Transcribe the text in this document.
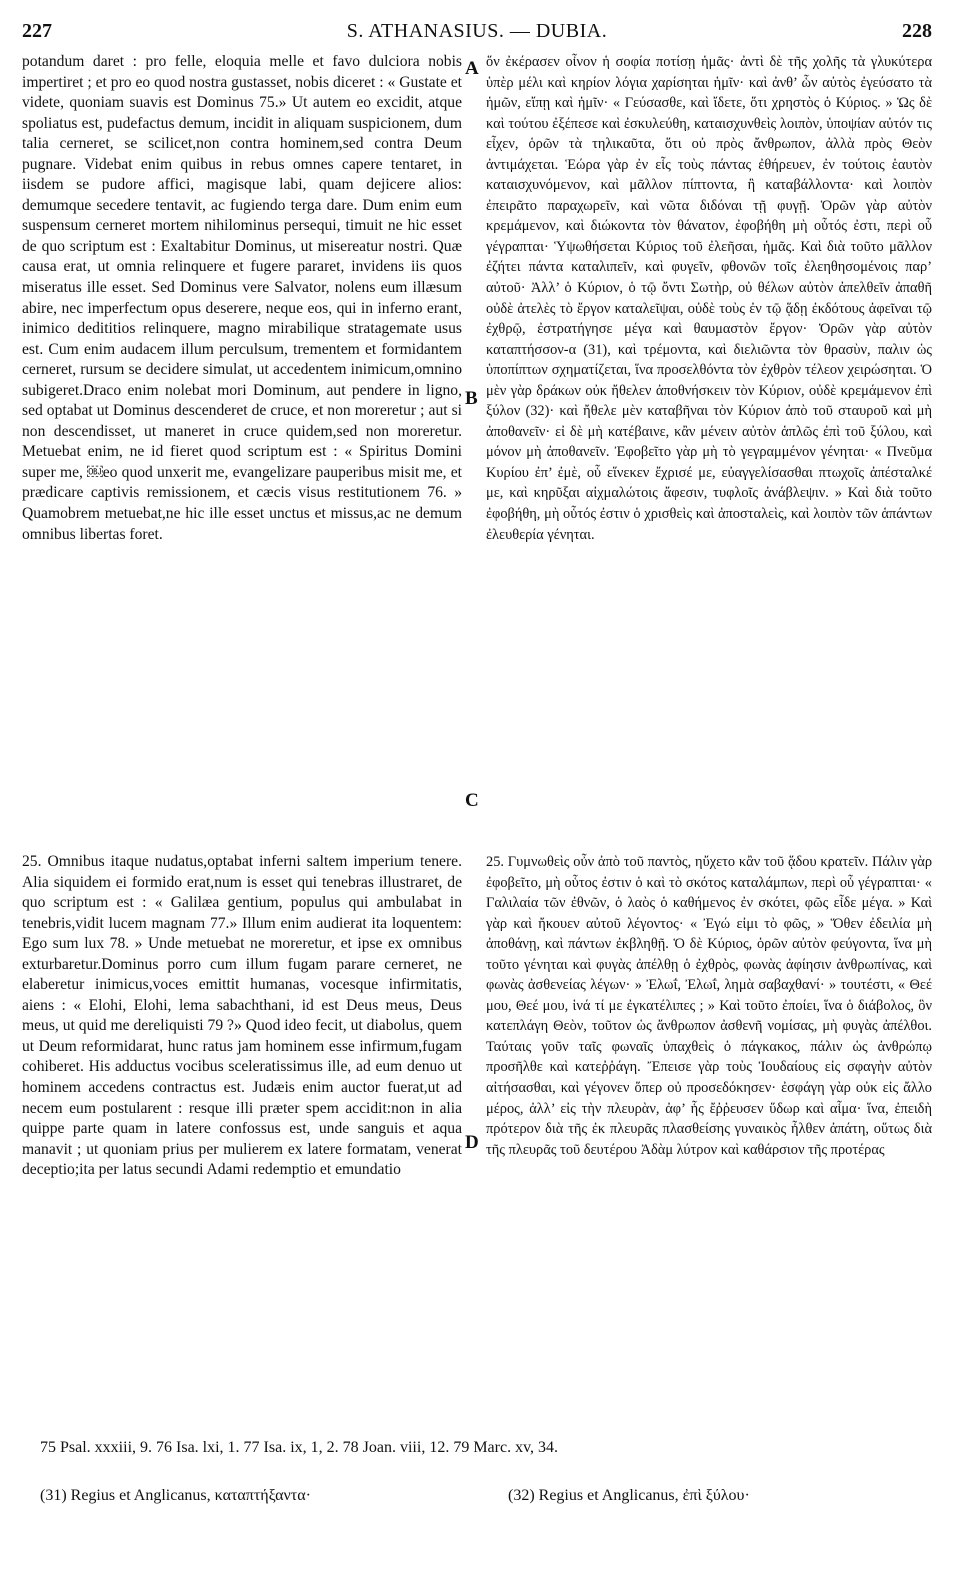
227	S. ATHANASIUS. — DUBIA.	228

potandum daret : pro felle, eloquia melle et favo dulciora nobis impertiret ; et pro eo quod nostra gustasset, nobis diceret : « Gustate et videte, quoniam suavis est Dominus 75.» Ut autem eo excidit, atque spoliatus est, pudefactus demum, incidit in aliquam suspicionem, dum talia cerneret, se scilicet,non contra hominem,sed contra Deum pugnare. Videbat enim quibus in rebus omnes capere tentaret, in iisdem se pudore affici, magisque labi, quam dejicere alios: demumque secedere tentavit, ac fugiendo terga dare. Dum enim eum suspensum cerneret mortem nihilominus persequi, timuit ne hic esset de quo scriptum est : Exaltabitur Dominus, ut misereatur nostri. Quæ causa erat, ut omnia relinquere et fugere pararet, invidens iis quos miseratus ille esset. Sed Dominus vere Salvator, nolens eum illæsum abire, nec imperfectum opus deserere, neque eos, qui in inferno erant, inimico dedititios relinquere, magno mirabilique stratagemate usus est. Cum enim audacem illum perculsum, trementem et formidantem cerneret, rursum se decidere simulat, ut accedentem inimicum,omnino subigeret.Draco enim nolebat mori Dominum, aut pendere in ligno, sed optabat ut Dominus descenderet de cruce, et non moreretur ; aut si non descendisset, ut maneret in cruce quidem,sed non moreretur. Metuebat enim, ne id fieret quod scriptum est : « Spiritus Domini super me, ￼eo quod unxerit me, evangelizare pauperibus misit me, et prædicare captivis remissionem, et cæcis visus restitutionem 76. » Quamobrem metuebat,ne hic ille esset unctus et missus,ac ne demum omnibus libertas foret.

ὅν ἐκέρασεν οἶνον ἡ σοφία ποτίσῃ ἡμᾶς· ἀντὶ δὲ τῆς χολῆς τὰ γλυκύτερα ὑπὲρ μέλι καὶ κηρίον λόγια χαρίσηται ἡμῖν· καὶ ἀνθ’ ὧν αὐτὸς ἐγεύσατο τὰ ἡμῶν, εἴπῃ καὶ ἡμῖν· « Γεύσασθε, καὶ ἴδετε, ὅτι χρηστὸς ὁ Κύριος. » Ὡς δὲ καὶ τούτου ἐξέπεσε καὶ ἐσκυλεύθη, καταισχυνθεὶς λοιπὸν, ὑποψίαν αὐτόν τις εἶχεν, ὁρῶν τὰ τηλικαῦτα, ὅτι οὐ πρὸς ἄνθρωπον, ἀλλὰ πρὸς Θεὸν ἀντιμάχεται. Ἑώρα γὰρ ἐν εἷς τοὺς πάντας ἐθήρευεν, ἐν τούτοις ἑαυτὸν καταισχυνόμενον, καὶ μᾶλλον πίπτοντα, ἢ καταβάλλοντα· καὶ λοιπὸν ἐπειρᾶτο παραχωρεῖν, καὶ νῶτα διδόναι τῇ φυγῇ. Ὁρῶν γὰρ αὐτὸν κρεμάμενον, καὶ διώκοντα τὸν θάνατον, ἐφοβήθη μὴ οὗτός ἐστι, περὶ οὗ γέγραπται· Ὑψωθήσεται Κύριος τοῦ ἐλεῆσαι, ἡμᾶς. Καὶ διὰ τοῦτο μᾶλλον ἐζήτει πάντα καταλιπεῖν, καὶ φυγεῖν, φθονῶν τοῖς ἐλεηθησομένοις παρ’ αὐτοῦ· Ἀλλ’ ὁ Κύριον, ὁ τῷ ὄντι Σωτὴρ, οὐ θέλων αὐτὸν ἀπελθεῖν ἀπαθῆ οὐδὲ ἀτελὲς τὸ ἔργον καταλεῖψαι, οὐδὲ τοὺς ἐν τῷ ᾅδῃ ἐκδότους ἀφεῖναι τῷ ἐχθρῷ, ἐστρατήγησε μέγα καὶ θαυμαστὸν ἔργον· Ὁρῶν γὰρ αὐτὸν καταπτήσσον-α (31), καὶ τρέμοντα, καὶ διελιῶντα τὸν θρασὺν, παλιν ὡς ὑποπίπτων σχηματίζεται, ἵνα προσελθόντα τὸν ἐχθρὸν τέλεον χειρώσηται. Ὁ μὲν γὰρ δράκων οὐκ ἤθελεν ἀποθνήσκειν τὸν Κύριον, οὐδὲ κρεμάμενον ἐπὶ ξύλον (32)· καὶ ἤθελε μὲν καταβῆναι τὸν Κύριον ἀπὸ τοῦ σταυροῦ καὶ μὴ ἀποθανεῖν· εἰ δὲ μὴ κατέβαινε, κἂν μένειν αὐτὸν ἁπλῶς ἐπὶ τοῦ ξύλου, καὶ μόνον μὴ ἀποθανεῖν. Ἐφοβεῖτο γὰρ μὴ τὸ γεγραμμένον γένηται· « Πνεῦμα Κυρίου ἐπ’ ἐμὲ, οὗ εἵνεκεν ἔχρισέ με, εὐαγγελίσασθαι πτωχοῖς ἀπέσταλκέ με, καὶ κηρῦξαι αἰχμαλώτοις ἄφεσιν, τυφλοῖς ἀνάβλεψιν. » Καὶ διὰ τοῦτο ἐφοβήθη, μὴ οὗτός ἐστιν ὁ χρισθεὶς καὶ ἀποσταλεὶς, καὶ λοιπὸν τῶν ἁπάντων ἐλευθερία γένηται.

A
B
C
D

25. Omnibus itaque nudatus,optabat inferni saltem imperium tenere. Alia siquidem ei formido erat,num is esset qui tenebras illustraret, de quo scriptum est : « Galilæa gentium, populus qui ambulabat in tenebris,vidit lucem magnam 77.» Illum enim audierat ita loquentem: Ego sum lux 78. » Unde metuebat ne moreretur, et ipse ex omnibus exturbaretur.Dominus porro cum illum fugam parare cerneret, ne elaberetur inimicus,voces emittit humanas, vocesque infirmitatis, aiens : « Elohi, Elohi, lema sabachthani, id est Deus meus, Deus meus, ut quid me dereliquisti 79 ?» Quod ideo fecit, ut diabolus, quem ut Deum reformidarat, hunc ratus jam hominem esse infirmum,fugam cohiberet. His adductus vocibus sceleratissimus ille, ad eum denuo ut hominem accedens contractus est. Judæis enim auctor fuerat,ut ad necem eum postularent : resque illi præter spem accidit:non in alia quippe parte quam in latere confossus est, unde sanguis et aqua manavit ; ut quoniam prius per mulierem ex latere formatam, venerat deceptio;ita per latus secundi Adami redemptio et emundatio

25. Γυμνωθεὶς οὖν ἀπὸ τοῦ παντὸς, ηὔχετο κἂν τοῦ ᾅδου κρατεῖν. Πάλιν γὰρ ἐφοβεῖτο, μὴ οὗτος ἐστιν ὁ καὶ τὸ σκότος καταλάμπων, περὶ οὗ γέγραπται· « Γαλιλαία τῶν ἐθνῶν, ὁ λαὸς ὁ καθήμενος ἐν σκότει, φῶς εἶδε μέγα. » Καὶ γὰρ καὶ ἤκουεν αὐτοῦ λέγοντος· « Ἐγώ εἰμι τὸ φῶς, » Ὅθεν ἐδειλία μὴ ἀποθάνῃ, καὶ πάντων ἐκβληθῇ. Ὁ δὲ Κύριος, ὁρῶν αὐτὸν φεύγοντα, ἵνα μὴ τοῦτο γένηται καὶ φυγὰς ἀπέλθῃ ὁ ἐχθρὸς, φωνὰς ἀφίησιν ἀνθρωπίνας, καὶ φωνὰς ἀσθενείας λέγων· » Ἐλωΐ, Ἐλωΐ, λημὰ σαβαχθανί· » τουτέστι, « Θεέ μου, Θεέ μου, ἱνά τί με ἐγκατέλιπες ; » Καὶ τοῦτο ἐποίει, ἵνα ὁ διάβολος, ὃν κατεπλάγη Θεὸν, τοῦτον ὡς ἄνθρωπον ἀσθενῆ νομίσας, μὴ φυγὰς ἀπέλθοι. Ταύταις γοῦν ταῖς φωναῖς ὑπαχθεὶς ὁ πάγκακος, πάλιν ὡς ἀνθρώπῳ προσῆλθε καὶ κατεῤῥάγη. Ἔπεισε γὰρ τοὺς Ἰουδαίους εἰς σφαγὴν αὐτὸν αἰτήσασθαι, καὶ γέγονεν ὅπερ οὐ προσεδόκησεν· ἐσφάγη γὰρ οὐκ εἰς ἄλλο μέρος, ἀλλ’ εἰς τὴν πλευρὰν, ἀφ’ ἧς ἔῤῥευσεν ὕδωρ καὶ αἷμα· ἵνα, ἐπειδὴ πρότερον διὰ τῆς ἐκ πλευρᾶς πλασθείσης γυναικὸς ἦλθεν ἀπάτη, οὕτως διὰ τῆς πλευρᾶς τοῦ δευτέρου Ἀδὰμ λύτρον καὶ καθάρσιον τῆς προτέρας

75 Psal. xxxiii, 9. 76 Isa. lxi, 1. 77 Isa. ix, 1, 2. 78 Joan. viii, 12. 79 Marc. xv, 34.
(31) Regius et Anglicanus, καταπτήξαντα·	(32) Regius et Anglicanus, ἐπὶ ξύλου·
